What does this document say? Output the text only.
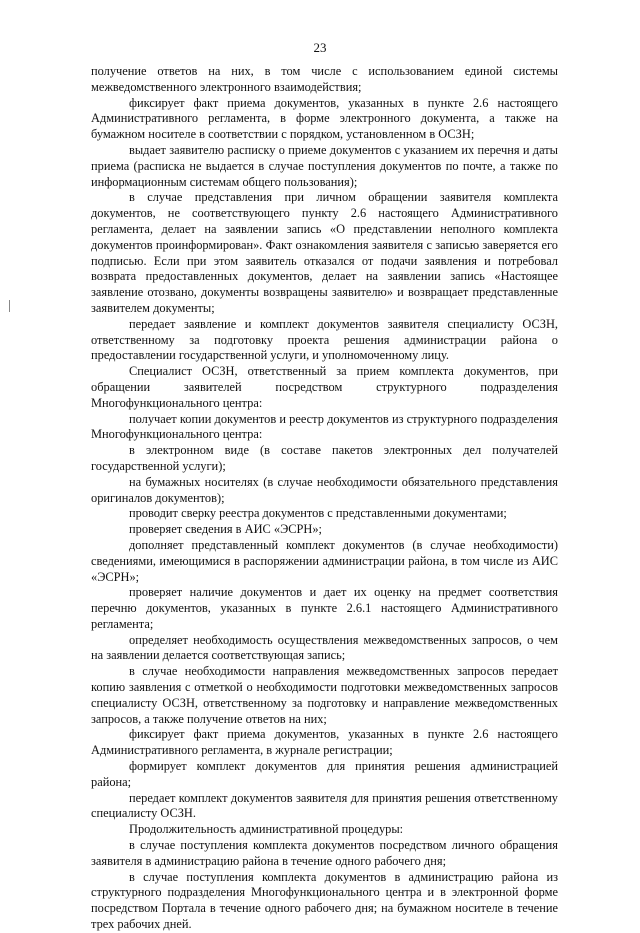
23

получение ответов на них, в том числе с использованием единой системы межведомственного электронного взаимодействия;

фиксирует факт приема документов, указанных в пункте 2.6 настоящего Административного регламента, в форме электронного документа, а также на бумажном носителе в соответствии с порядком, установленном в ОСЗН;

выдает заявителю расписку о приеме документов с указанием их перечня и даты приема (расписка не выдается в случае поступления документов по почте, а также по информационным системам общего пользования);

в случае представления при личном обращении заявителя комплекта документов, не соответствующего пункту 2.6 настоящего Административного регламента, делает на заявлении запись «О представлении неполного комплекта документов проинформирован». Факт ознакомления заявителя с записью заверяется его подписью. Если при этом заявитель отказался от подачи заявления и потребовал возврата предоставленных документов, делает на заявлении запись «Настоящее заявление отозвано, документы возвращены заявителю» и возвращает представленные заявителем документы;

передает заявление и комплект документов заявителя специалисту ОСЗН, ответственному за подготовку проекта решения администрации района о предоставлении государственной услуги, и уполномоченному лицу.

Специалист ОСЗН, ответственный за прием комплекта документов, при обращении заявителей посредством структурного подразделения Многофункционального центра:

получает копии документов и реестр документов из структурного подразделения Многофункционального центра:

в электронном виде (в составе пакетов электронных дел получателей государственной услуги);

на бумажных носителях (в случае необходимости обязательного представления оригиналов документов);

проводит сверку реестра документов с представленными документами;

проверяет сведения в АИС «ЭСРН»;

дополняет представленный комплект документов (в случае необходимости) сведениями, имеющимися в распоряжении администрации района, в том числе из АИС «ЭСРН»;

проверяет наличие документов и дает их оценку на предмет соответствия перечню документов, указанных в пункте 2.6.1 настоящего Административного регламента;

определяет необходимость осуществления межведомственных запросов, о чем на заявлении делается соответствующая запись;

в случае необходимости направления межведомственных запросов передает копию заявления с отметкой о необходимости подготовки межведомственных запросов специалисту ОСЗН, ответственному за подготовку и направление межведомственных запросов, а также получение ответов на них;

фиксирует факт приема документов, указанных в пункте 2.6 настоящего Административного регламента, в журнале регистрации;

формирует комплект документов для принятия решения администрацией района;

передает комплект документов заявителя для принятия решения ответственному специалисту ОСЗН.

Продолжительность административной процедуры:

в случае поступления комплекта документов посредством личного обращения заявителя в администрацию района в течение одного рабочего дня;

в случае поступления комплекта документов в администрацию района из структурного подразделения Многофункционального центра и в электронной форме посредством Портала в течение одного рабочего дня; на бумажном носителе в течение трех рабочих дней.
